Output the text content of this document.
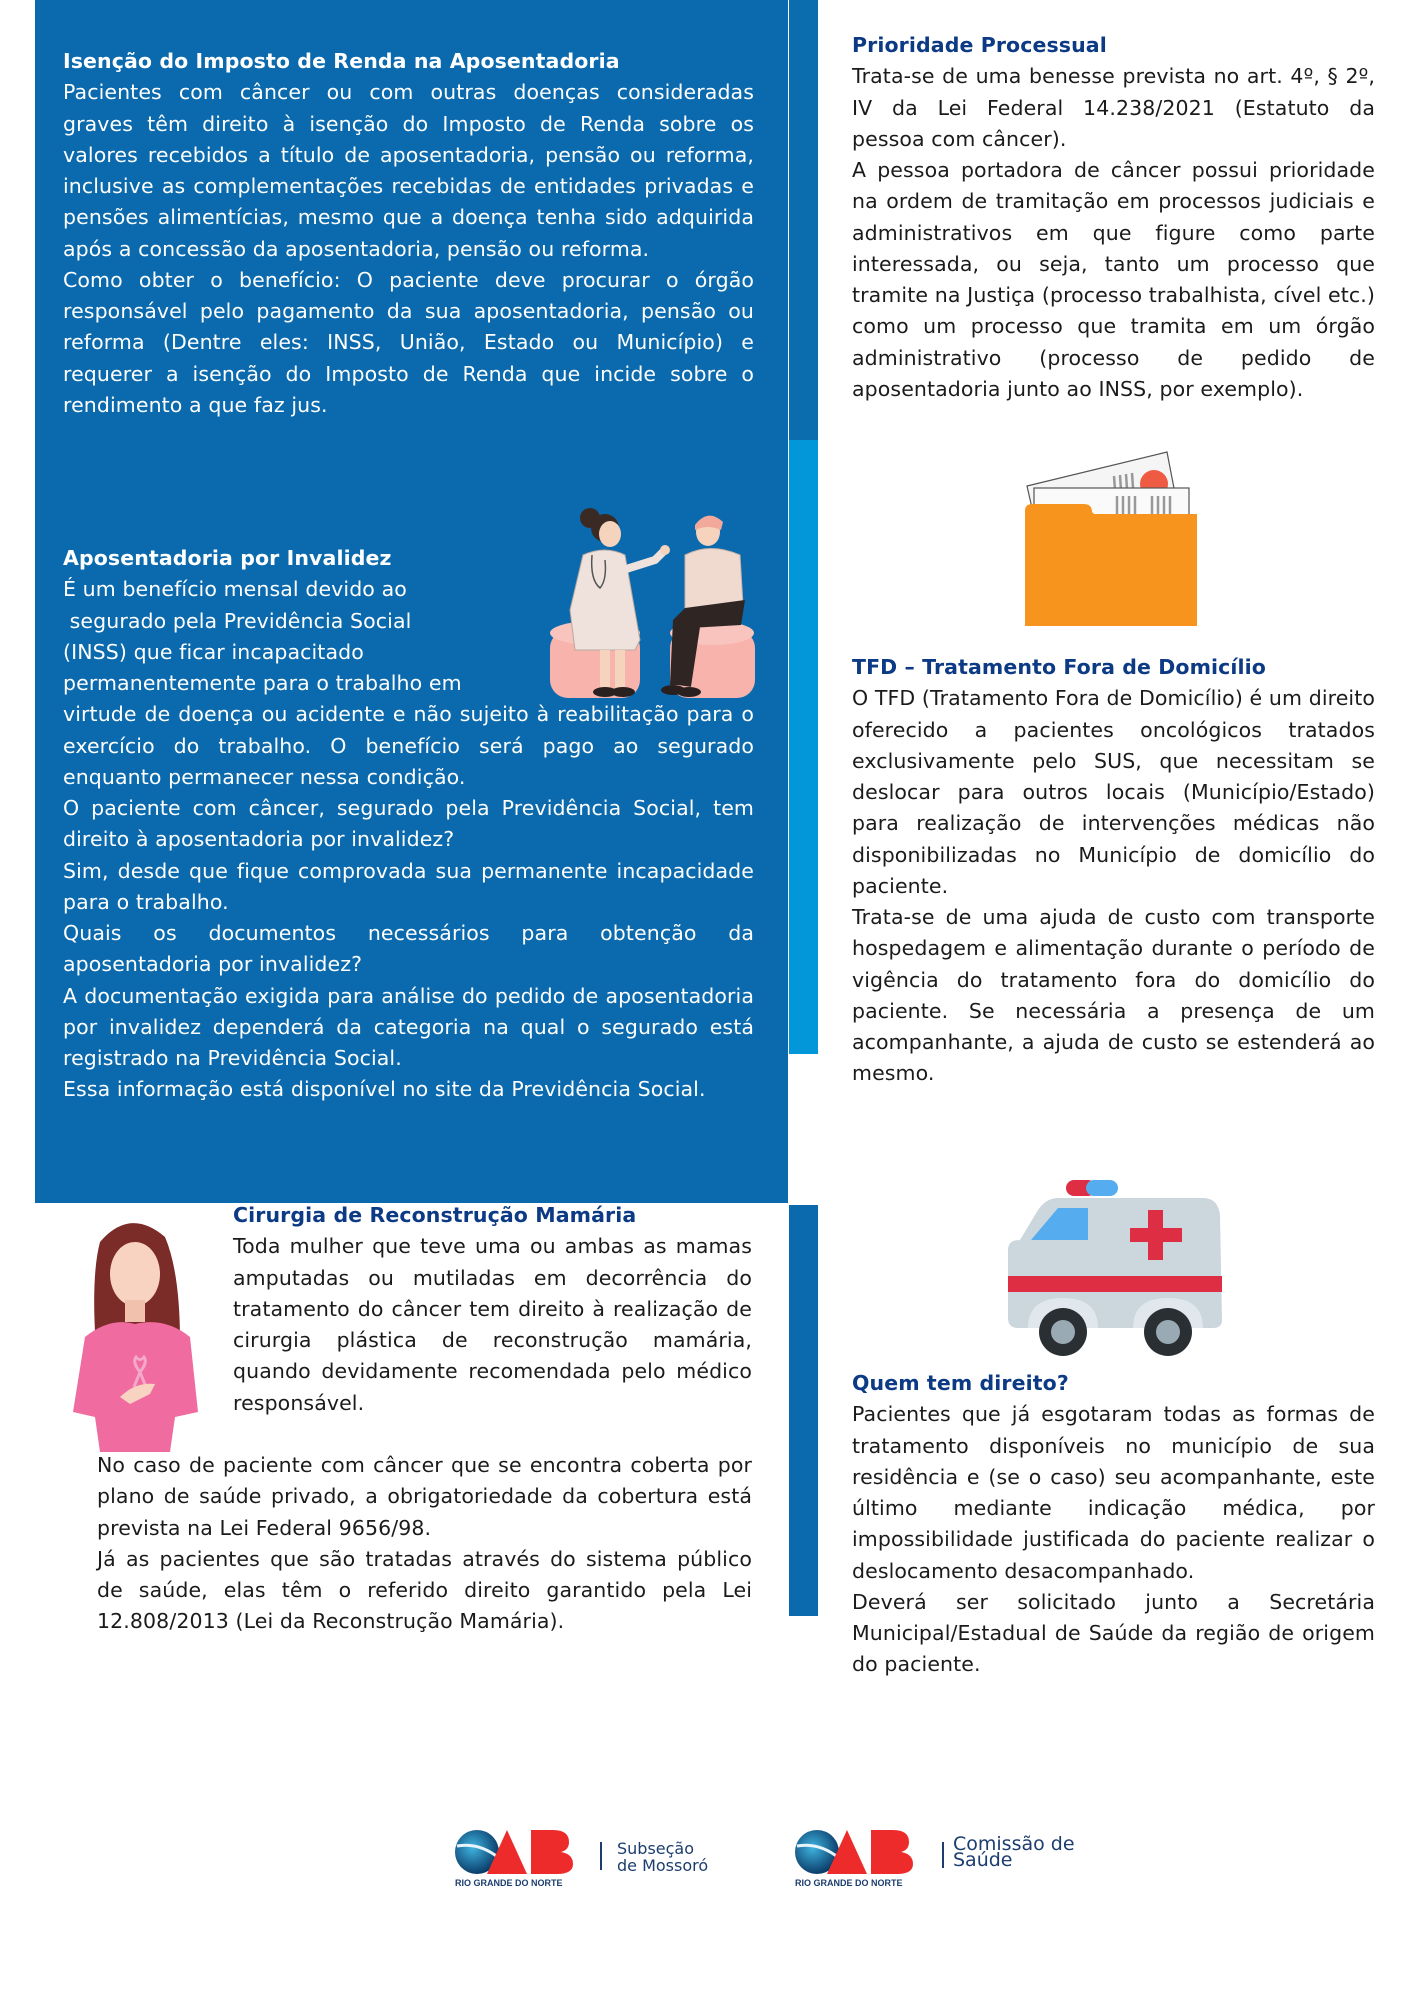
Isenção do Imposto de Renda na Aposentadoria

Pacientes com câncer ou com outras doenças consideradas graves têm direito à isenção do Imposto de Renda sobre os valores recebidos a título de aposentadoria, pensão ou reforma, inclusive as complementações recebidas de entidades privadas e pensões alimentícias, mesmo que a doença tenha sido adquirida após a concessão da aposentadoria, pensão ou reforma.

Como obter o benefício: O paciente deve procurar o órgão responsável pelo pagamento da sua aposentadoria, pensão ou reforma (Dentre eles: INSS, União, Estado ou Município) e requerer a isenção do Imposto de Renda que incide sobre o rendimento a que faz jus.

Aposentadoria por Invalidez

É um benefício mensal devido ao

segurado pela Previdência Social

(INSS) que ficar incapacitado

permanentemente para o trabalho em

virtude de doença ou acidente e não sujeito à reabilitação para o exercício do trabalho. O benefício será pago ao segurado enquanto permanecer nessa condição.

O paciente com câncer, segurado pela Previdência Social, tem direito à aposentadoria por invalidez?

Sim, desde que fique comprovada sua permanente incapacidade para o trabalho.

Quais os documentos necessários para obtenção da aposentadoria por invalidez?

A documentação exigida para análise do pedido de aposentadoria por invalidez dependerá da categoria na qual o segurado está registrado na Previdência Social.

Essa informação está disponível no site da Previdência Social.

Cirurgia de Reconstrução Mamária

Toda mulher que teve uma ou ambas as mamas amputadas ou mutiladas em decorrência do tratamento do câncer tem direito à realização de cirurgia plástica de reconstrução mamária, quando devidamente recomendada pelo médico responsável.

No caso de paciente com câncer que se encontra coberta por plano de saúde privado, a obrigatoriedade da cobertura está prevista na Lei Federal 9656/98.

Já as pacientes que são tratadas através do sistema público de saúde, elas têm o referido direito garantido pela Lei 12.808/2013 (Lei da Reconstrução Mamária).

Prioridade Processual

Trata-se de uma benesse prevista no art. 4º, § 2º, IV da Lei Federal 14.238/2021 (Estatuto da pessoa com câncer).

A pessoa portadora de câncer possui prioridade na ordem de tramitação em processos judiciais e administrativos em que figure como parte interessada, ou seja, tanto um processo que tramite na Justiça (processo trabalhista, cível etc.) como um processo que tramita em um órgão administrativo (processo de pedido de aposentadoria junto ao INSS, por exemplo).

TFD – Tratamento Fora de Domicílio

O TFD (Tratamento Fora de Domicílio) é um direito oferecido a pacientes oncológicos tratados exclusivamente pelo SUS, que necessitam se deslocar para outros locais (Município/Estado) para realização de intervenções médicas não disponibilizadas no Município de domicílio do paciente.

Trata-se de uma ajuda de custo com transporte hospedagem e alimentação durante o período de vigência do tratamento fora do domicílio do paciente. Se necessária a presença de um acompanhante, a ajuda de custo se estenderá ao mesmo.

Quem tem direito?

Pacientes que já esgotaram todas as formas de tratamento disponíveis no município de sua residência e (se o caso) seu acompanhante, este último mediante indicação médica, por impossibilidade justificada do paciente realizar o deslocamento desacompanhado.

Deverá ser solicitado junto a Secretária Municipal/Estadual de Saúde da região de origem do paciente.

RIO GRANDE DO NORTE
Subseção
de Mossoró
RIO GRANDE DO NORTE
Comissão de
Saúde
